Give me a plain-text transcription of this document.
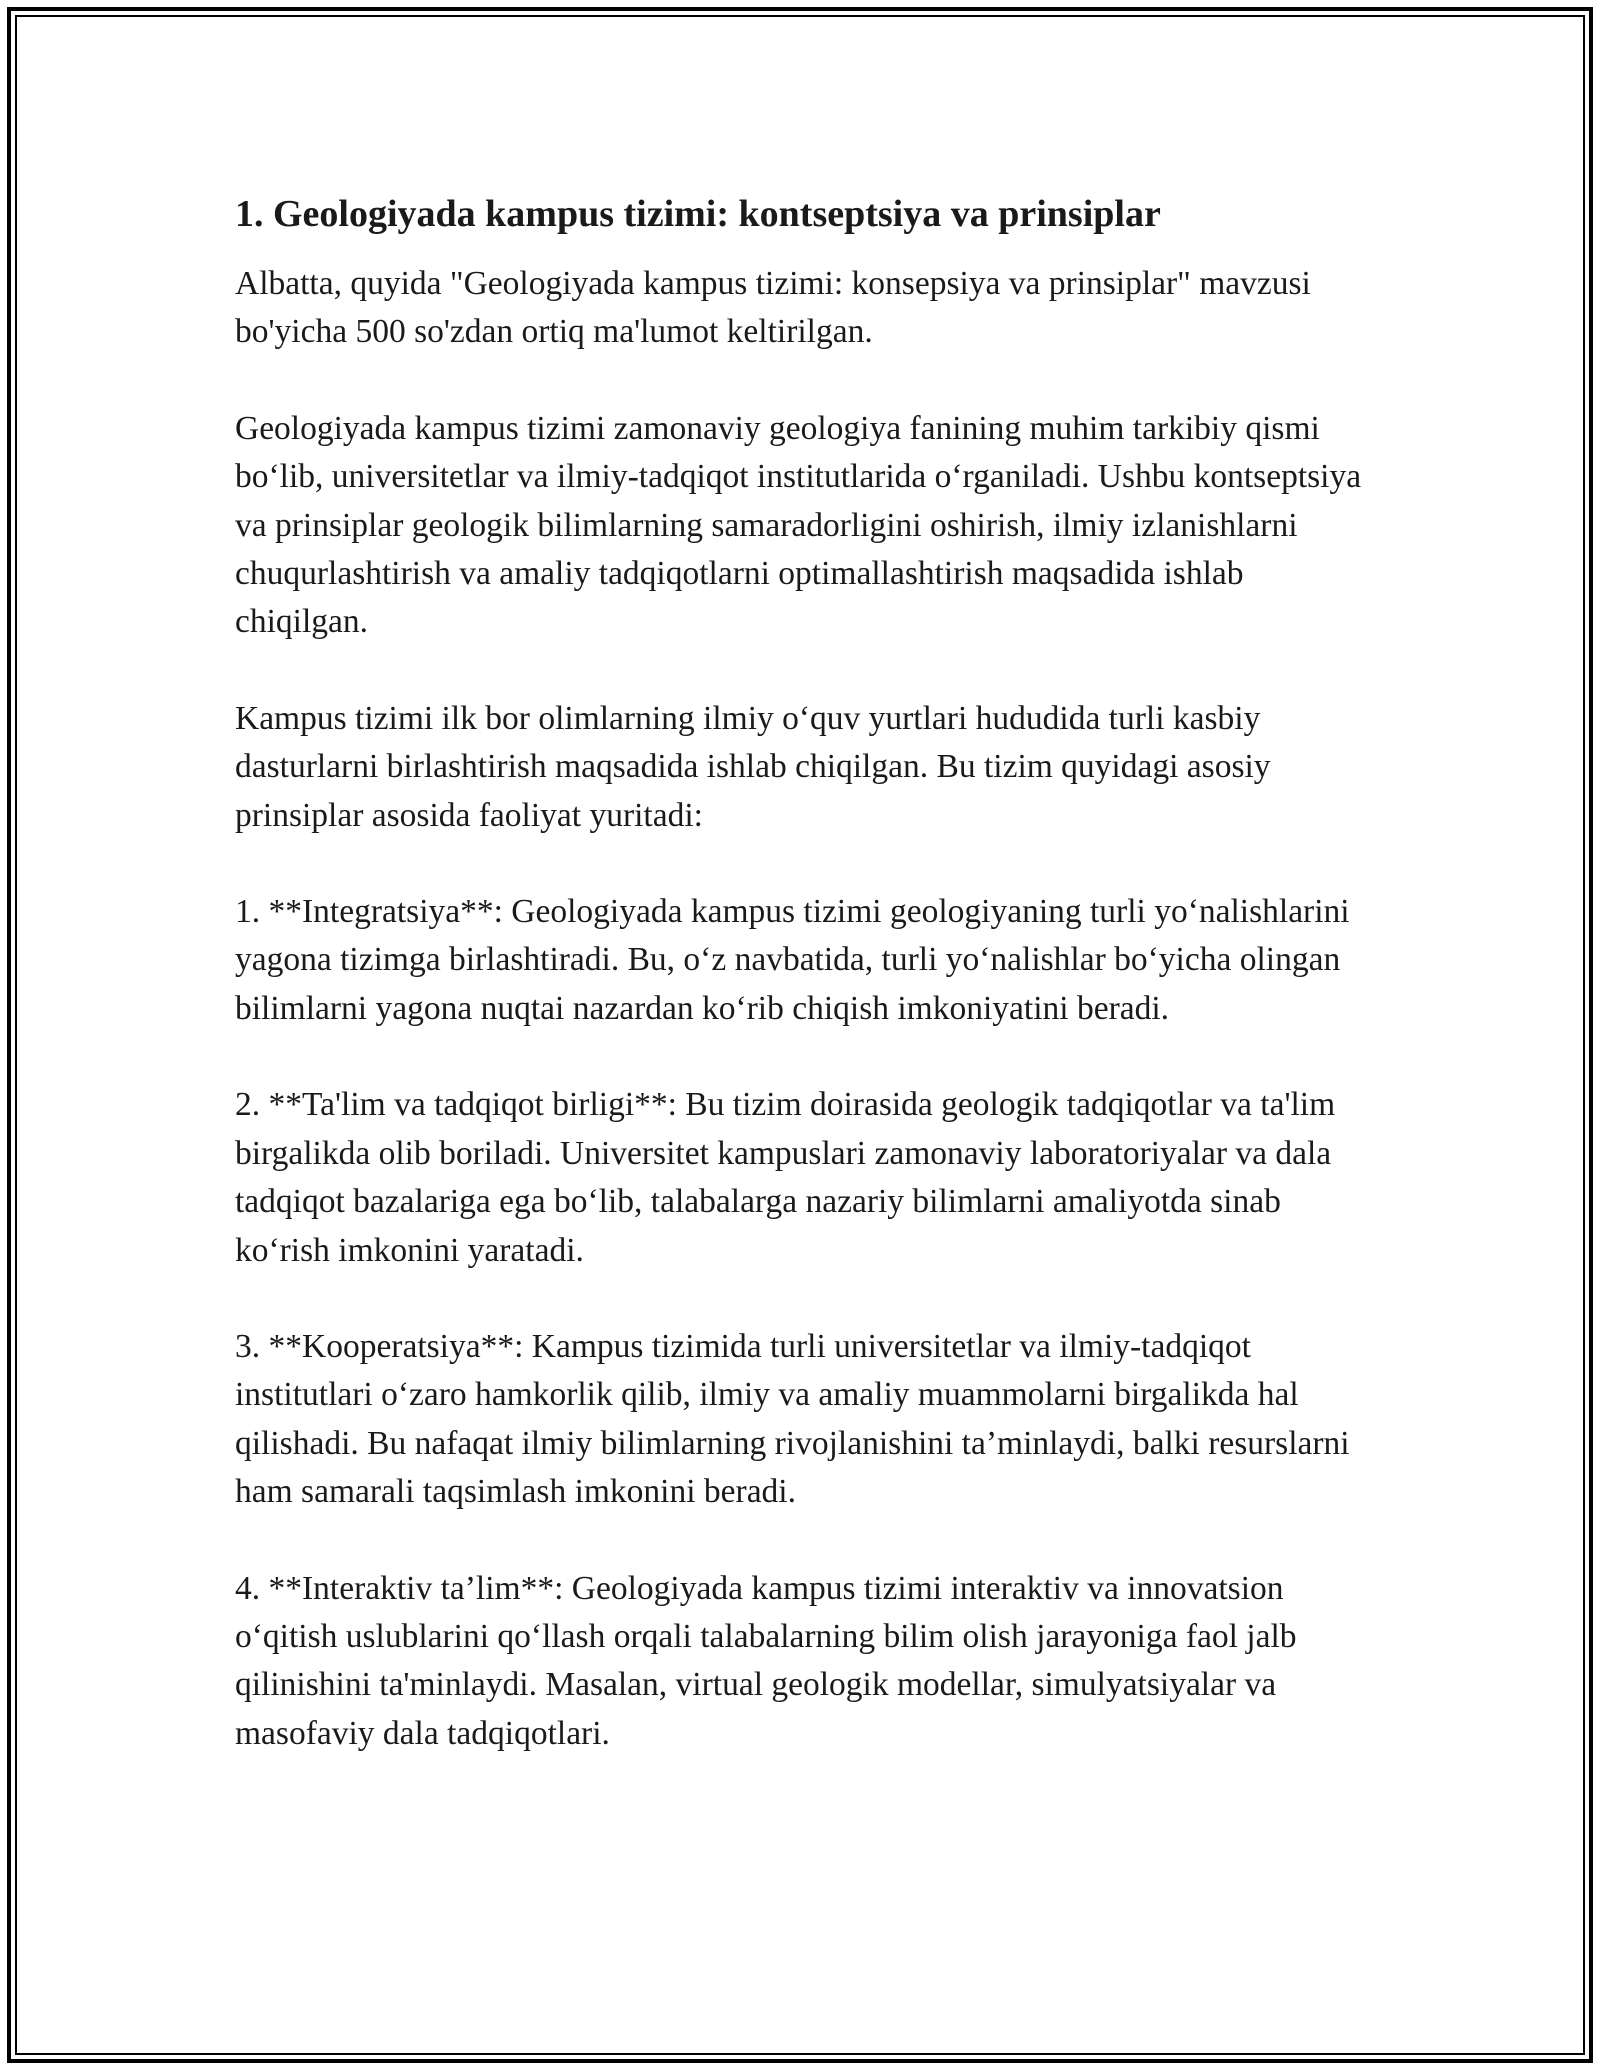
1. Geologiyada kampus tizimi: kontseptsiya va prinsiplar

Albatta, quyida "Geologiyada kampus tizimi: konsepsiya va prinsiplar" mavzusi bo'yicha 500 so'zdan ortiq ma'lumot keltirilgan.

Geologiyada kampus tizimi zamonaviy geologiya fanining muhim tarkibiy qismi bo‘lib, universitetlar va ilmiy-tadqiqot institutlarida o‘rganiladi. Ushbu kontseptsiya va prinsiplar geologik bilimlarning samaradorligini oshirish, ilmiy izlanishlarni chuqurlashtirish va amaliy tadqiqotlarni optimallashtirish maqsadida ishlab chiqilgan.

Kampus tizimi ilk bor olimlarning ilmiy o‘quv yurtlari hududida turli kasbiy dasturlarni birlashtirish maqsadida ishlab chiqilgan. Bu tizim quyidagi asosiy prinsiplar asosida faoliyat yuritadi:

1. **Integratsiya**: Geologiyada kampus tizimi geologiyaning turli yo‘nalishlarini yagona tizimga birlashtiradi. Bu, o‘z navbatida, turli yo‘nalishlar bo‘yicha olingan bilimlarni yagona nuqtai nazardan ko‘rib chiqish imkoniyatini beradi.

2. **Ta'lim va tadqiqot birligi**: Bu tizim doirasida geologik tadqiqotlar va ta'lim birgalikda olib boriladi. Universitet kampuslari zamonaviy laboratoriyalar va dala tadqiqot bazalariga ega bo‘lib, talabalarga nazariy bilimlarni amaliyotda sinab ko‘rish imkonini yaratadi.

3. **Kooperatsiya**: Kampus tizimida turli universitetlar va ilmiy-tadqiqot institutlari o‘zaro hamkorlik qilib, ilmiy va amaliy muammolarni birgalikda hal qilishadi. Bu nafaqat ilmiy bilimlarning rivojlanishini ta’minlaydi, balki resurslarni ham samarali taqsimlash imkonini beradi.

4. **Interaktiv ta’lim**: Geologiyada kampus tizimi interaktiv va innovatsion o‘qitish uslublarini qo‘llash orqali talabalarning bilim olish jarayoniga faol jalb qilinishini ta'minlaydi. Masalan, virtual geologik modellar, simulyatsiyalar va masofaviy dala tadqiqotlari.
